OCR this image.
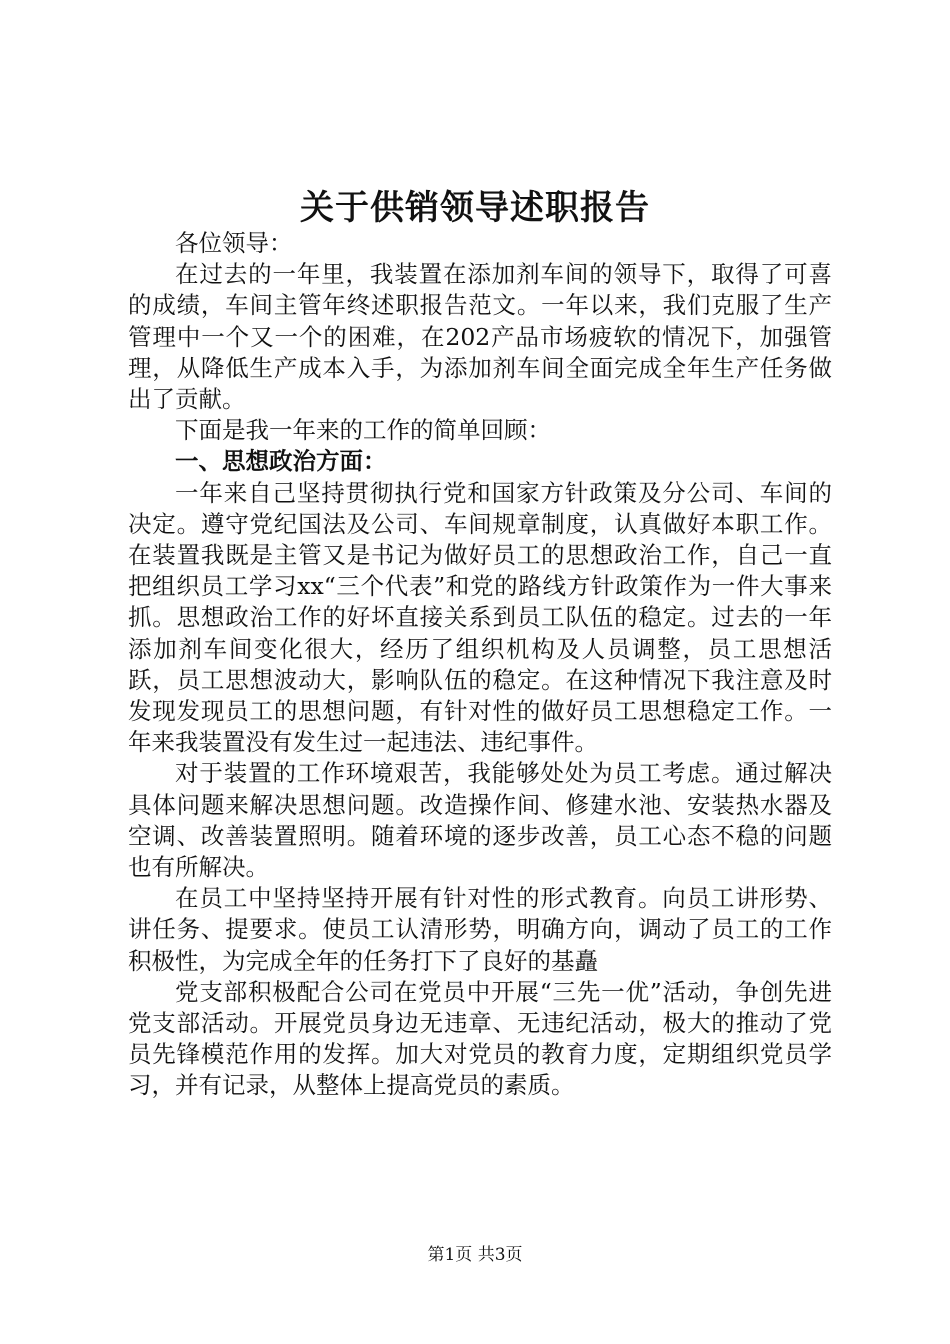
关于供销领导述职报告

各位领导：

在过去的一年里，我装置在添加剂车间的领导下，取得了可喜的成绩，车间主管年终述职报告范文。一年以来，我们克服了生产管理中一个又一个的困难，在202产品市场疲软的情况下，加强管理，从降低生产成本入手，为添加剂车间全面完成全年生产任务做出了贡献。

下面是我一年来的工作的简单回顾：

一、思想政治方面：

一年来自己坚持贯彻执行党和国家方针政策及分公司、车间的决定。遵守党纪国法及公司、车间规章制度，认真做好本职工作。在装置我既是主管又是书记为做好员工的思想政治工作，自己一直把组织员工学习xx“三个代表”和党的路线方针政策作为一件大事来抓。思想政治工作的好坏直接关系到员工队伍的稳定。过去的一年添加剂车间变化很大，经历了组织机构及人员调整，员工思想活跃，员工思想波动大，影响队伍的稳定。在这种情况下我注意及时发现发现员工的思想问题，有针对性的做好员工思想稳定工作。一年来我装置没有发生过一起违法、违纪事件。

对于装置的工作环境艰苦，我能够处处为员工考虑。通过解决具体问题来解决思想问题。改造操作间、修建水池、安装热水器及空调、改善装置照明。随着环境的逐步改善，员工心态不稳的问题也有所解决。

在员工中坚持坚持开展有针对性的形式教育。向员工讲形势、讲任务、提要求。使员工认清形势，明确方向，调动了员工的工作积极性，为完成全年的任务打下了良好的基矗

党支部积极配合公司在党员中开展“三先一优”活动，争创先进党支部活动。开展党员身边无违章、无违纪活动，极大的推动了党员先锋模范作用的发挥。加大对党员的教育力度，定期组织党员学习，并有记录，从整体上提高党员的素质。

第1页 共3页
